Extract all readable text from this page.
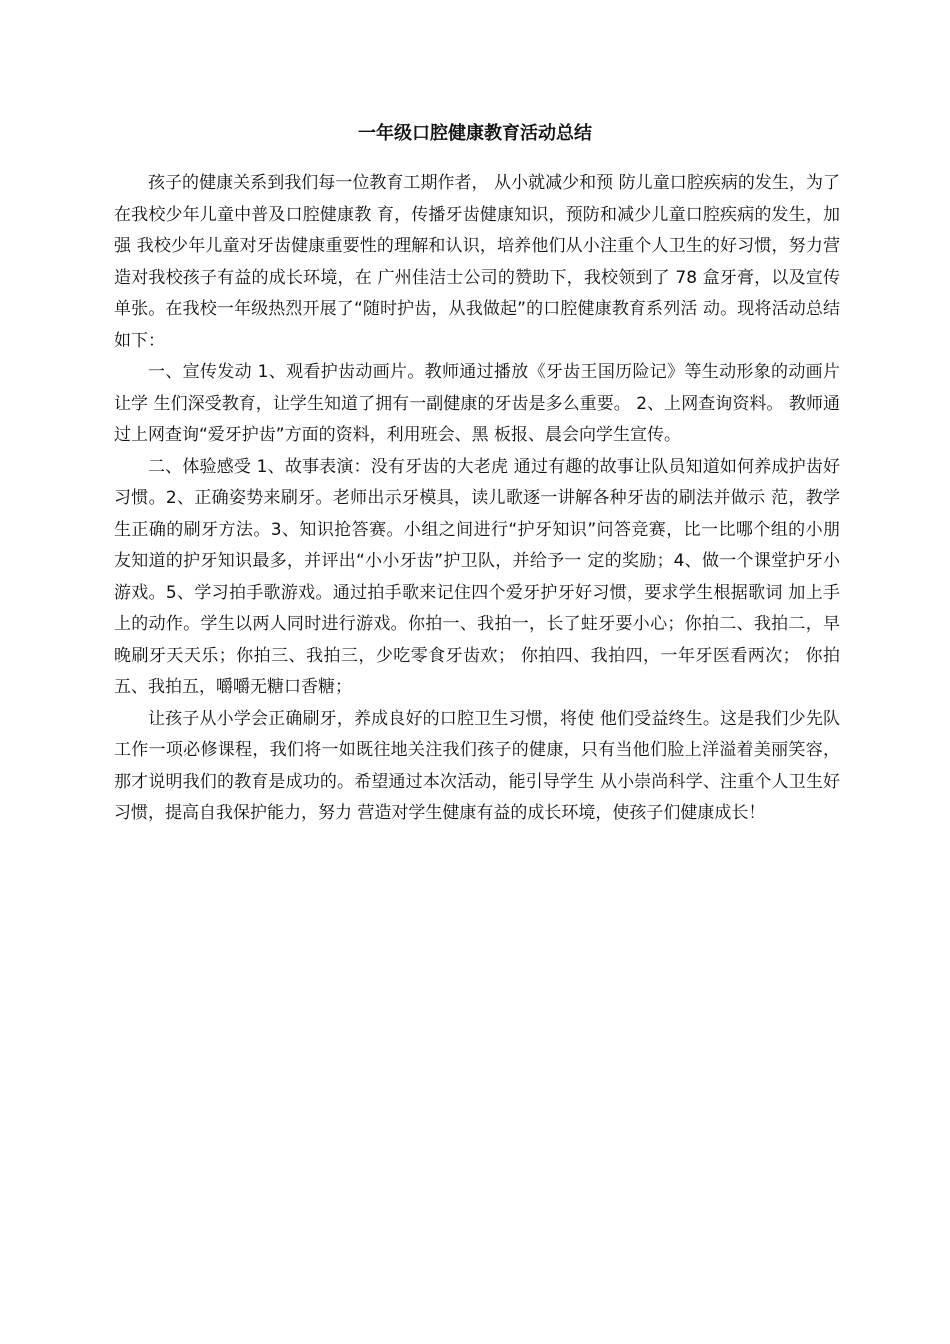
一年级口腔健康教育活动总结

孩子的健康关系到我们每一位教育工期作者， 从小就减少和预 防儿童口腔疾病的发生，为了在我校少年儿童中普及口腔健康教 育，传播牙齿健康知识，预防和减少儿童口腔疾病的发生，加强 我校少年儿童对牙齿健康重要性的理解和认识，培养他们从小注重个人卫生的好习惯，努力营造对我校孩子有益的成长环境，在 广州佳洁士公司的赞助下，我校领到了 78 盒牙膏，以及宣传单张。在我校一年级热烈开展了“随时护齿，从我做起”的口腔健康教育系列活 动。现将活动总结如下：

一、宣传发动 1、观看护齿动画片。教师通过播放《牙齿王国历险记》等生动形象的动画片让学 生们深受教育，让学生知道了拥有一副健康的牙齿是多么重要。 2、上网查询资料。 教师通过上网查询“爱牙护齿”方面的资料，利用班会、黑 板报、晨会向学生宣传。

二、体验感受 1、故事表演：没有牙齿的大老虎 通过有趣的故事让队员知道如何养成护齿好习惯。2、正确姿势来刷牙。老师出示牙模具，读儿歌逐一讲解各种牙齿的刷法并做示 范，教学生正确的刷牙方法。3、知识抢答赛。小组之间进行“护牙知识”问答竞赛，比一比哪个组的小朋 友知道的护牙知识最多，并评出“小小牙齿”护卫队，并给予一 定的奖励；4、做一个课堂护牙小游戏。5、学习拍手歌游戏。通过拍手歌来记住四个爱牙护牙好习惯，要求学生根据歌词 加上手上的动作。学生以两人同时进行游戏。你拍一、我拍一，长了蛀牙要小心；你拍二、我拍二，早晚刷牙天天乐；你拍三、我拍三，少吃零食牙齿欢； 你拍四、我拍四，一年牙医看两次； 你拍五、我拍五，嚼嚼无糖口香糖；

让孩子从小学会正确刷牙，养成良好的口腔卫生习惯，将使 他们受益终生。这是我们少先队工作一项必修课程，我们将一如既往地关注我们孩子的健康，只有当他们脸上洋溢着美丽笑容，那才说明我们的教育是成功的。希望通过本次活动，能引导学生 从小崇尚科学、注重个人卫生好习惯，提高自我保护能力，努力 营造对学生健康有益的成长环境，使孩子们健康成长！
